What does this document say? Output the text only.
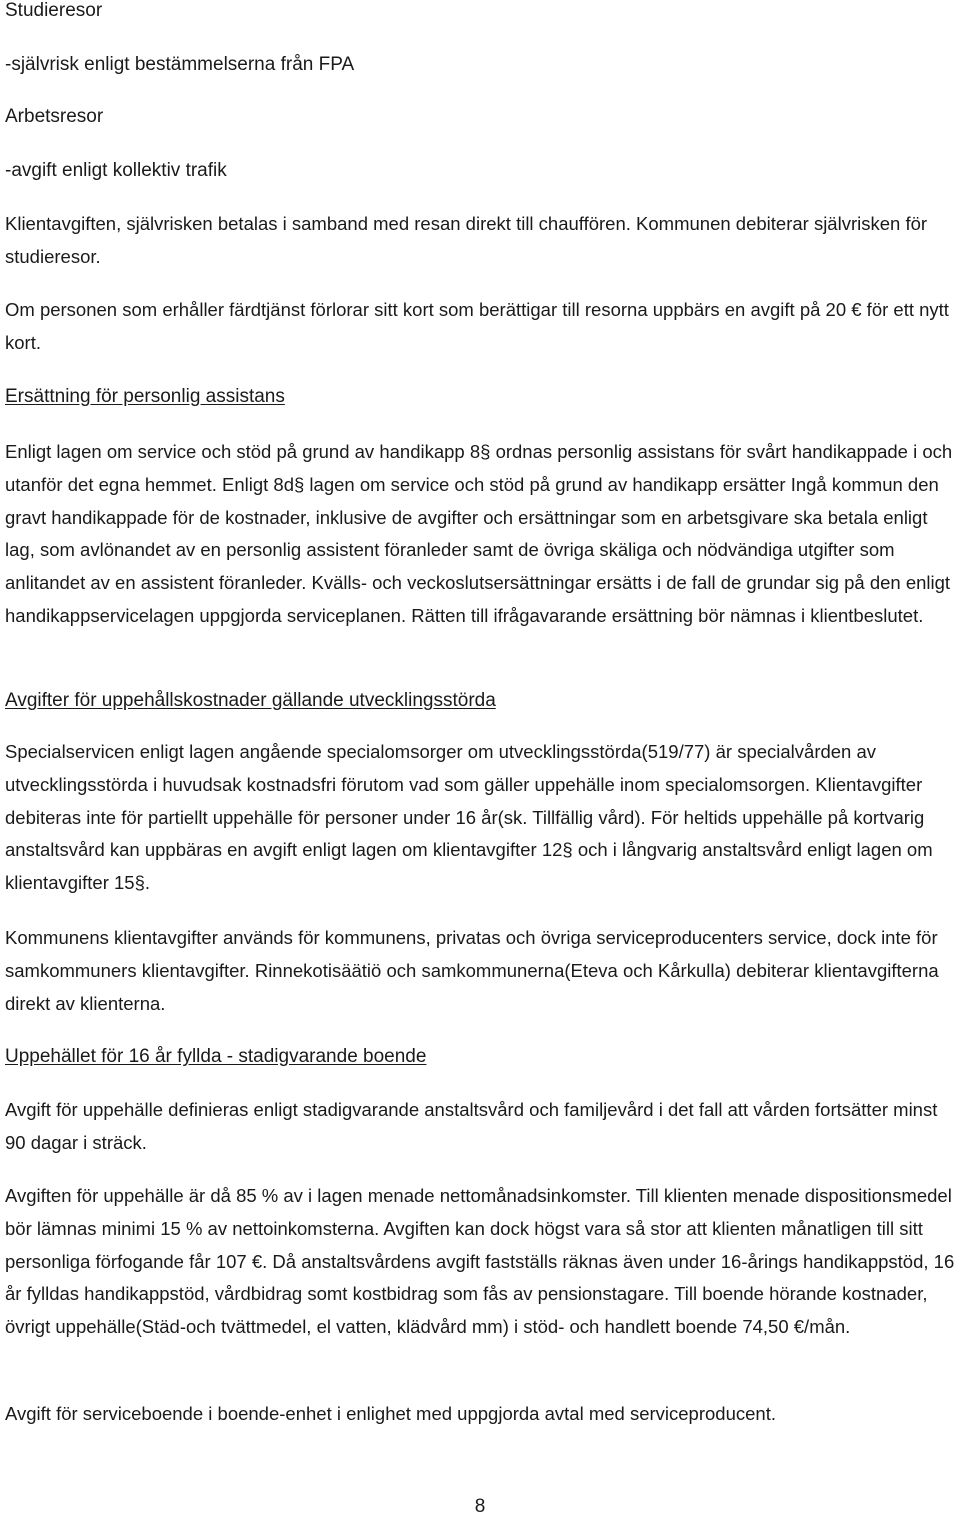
Studieresor

-självrisk enligt bestämmelserna från FPA

Arbetsresor

-avgift enligt kollektiv trafik

Klientavgiften, självrisken betalas i samband med resan direkt till chauffören. Kommunen debiterar självrisken för studieresor.

Om personen som erhåller färdtjänst förlorar sitt kort som berättigar till resorna uppbärs en avgift på 20 € för ett nytt kort.

Ersättning för personlig assistans

Enligt lagen om service och stöd på grund av handikapp 8§ ordnas personlig assistans för svårt handikappade i och utanför det egna hemmet. Enligt 8d§ lagen om service och stöd på grund av handikapp ersätter Ingå kommun den gravt handikappade för de kostnader, inklusive de avgifter och ersättningar som en arbetsgivare ska betala enligt lag, som avlönandet av en personlig assistent föranleder samt de övriga skäliga och nödvändiga utgifter som anlitandet av en assistent föranleder. Kvälls- och veckoslutsersättningar ersätts i de fall de grundar sig på den enligt handikappservicelagen uppgjorda serviceplanen. Rätten till ifrågavarande ersättning bör nämnas i klientbeslutet.

Avgifter för uppehållskostnader gällande utvecklingsstörda

Specialservicen enligt lagen angående specialomsorger om utvecklingsstörda(519/77) är specialvården av utvecklingsstörda i huvudsak kostnadsfri förutom vad som gäller uppehälle inom specialomsorgen. Klientavgifter debiteras inte för partiellt uppehälle för personer under 16 år(sk. Tillfällig vård). För heltids uppehälle på kortvarig anstaltsvård kan uppbäras en avgift enligt lagen om klientavgifter 12§ och i långvarig anstaltsvård enligt lagen om klientavgifter 15§.

Kommunens klientavgifter används för kommunens, privatas och övriga serviceproducenters service, dock inte för samkommuners klientavgifter. Rinnekotisäätiö och samkommunerna(Eteva och Kårkulla) debiterar klientavgifterna direkt av klienterna.

Uppehället för 16 år fyllda - stadigvarande boende

Avgift för uppehälle definieras enligt stadigvarande anstaltsvård och familjevård i det fall att vården fortsätter minst 90 dagar i sträck.

Avgiften för uppehälle är då 85 % av i lagen menade nettomånadsinkomster. Till klienten menade dispositionsmedel bör lämnas minimi 15 % av nettoinkomsterna. Avgiften kan dock högst vara så stor att klienten månatligen till sitt personliga förfogande får 107 €. Då anstaltsvårdens avgift fastställs räknas även under 16-årings handikappstöd, 16 år fylldas handikappstöd, vårdbidrag somt kostbidrag som fås av pensionstagare. Till boende hörande kostnader, övrigt uppehälle(Städ-och tvättmedel, el vatten, klädvård mm) i stöd- och handlett boende 74,50 €/mån.

Avgift för serviceboende i boende-enhet i enlighet med uppgjorda avtal med serviceproducent.

8
